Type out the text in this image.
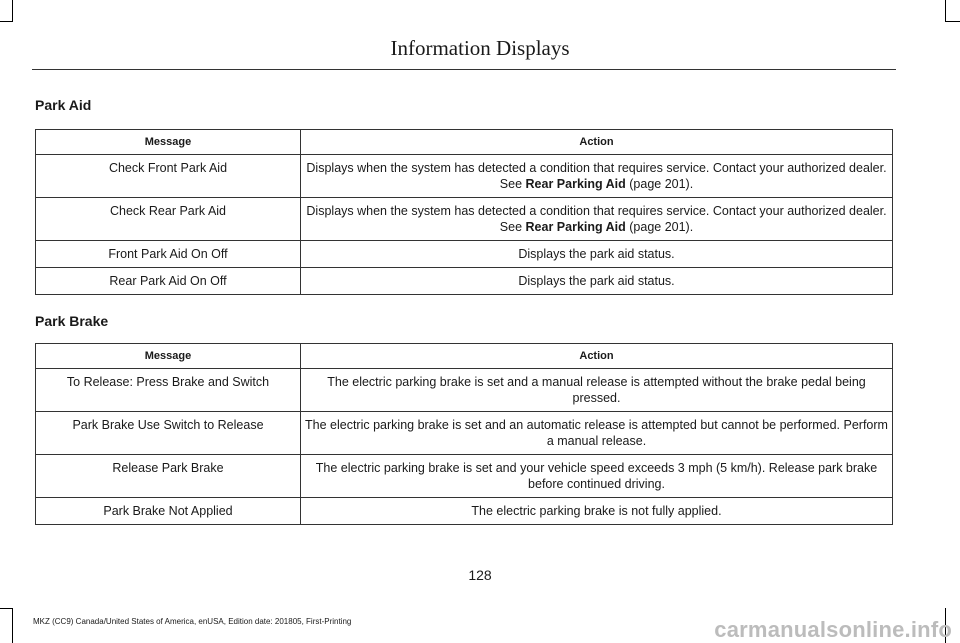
Information Displays
Park Aid
Message	Action
Check Front Park Aid	Displays when the system has detected a condition that requires service. Contact your authorized dealer. See Rear Parking Aid (page 201).
Check Rear Park Aid	Displays when the system has detected a condition that requires service. Contact your authorized dealer. See Rear Parking Aid (page 201).
Front Park Aid On Off	Displays the park aid status.
Rear Park Aid On Off	Displays the park aid status.
Park Brake
Message	Action
To Release: Press Brake and Switch	The electric parking brake is set and a manual release is attempted without the brake pedal being pressed.
Park Brake Use Switch to Release	The electric parking brake is set and an automatic release is attempted but cannot be performed. Perform a manual release.
Release Park Brake	The electric parking brake is set and your vehicle speed exceeds 3 mph (5 km/h). Release park brake before continued driving.
Park Brake Not Applied	The electric parking brake is not fully applied.
128
MKZ (CC9) Canada/United States of America, enUSA, Edition date: 201805, First-Printing	carmanualsonline.info
